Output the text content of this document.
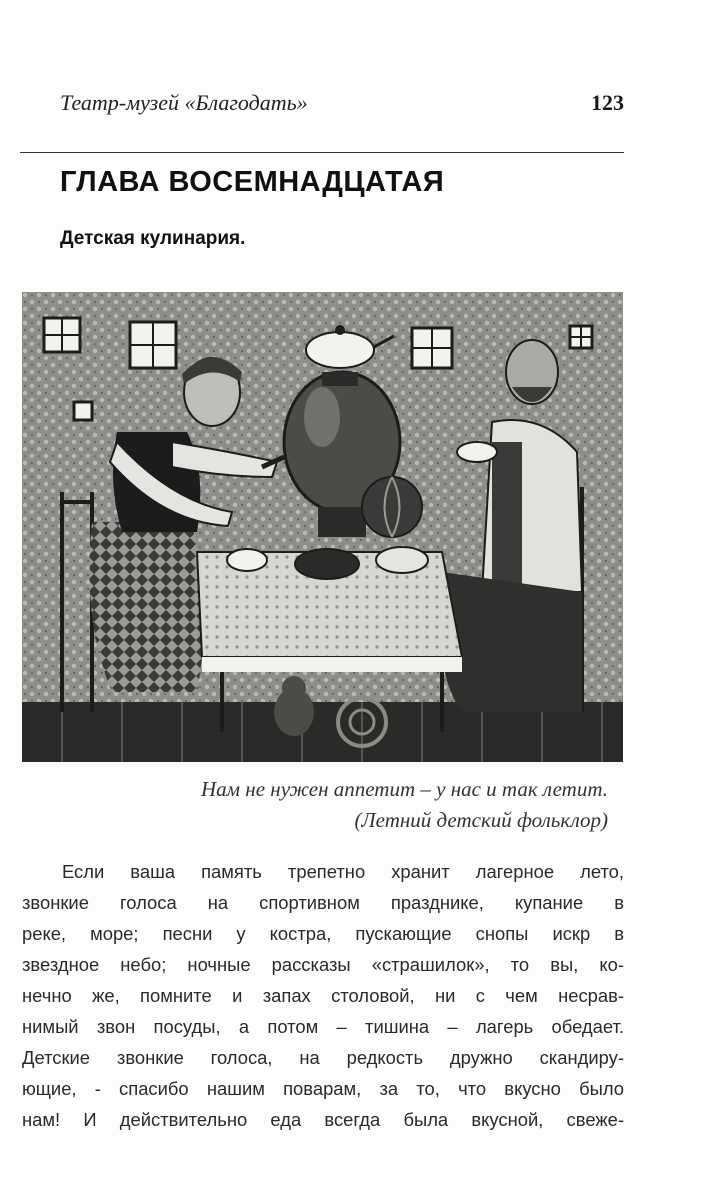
Театр-музей «Благодать»	123
ГЛАВА ВОСЕМНАДЦАТАЯ
Детская кулинария.
Нам не нужен аппетит – у нас и так летит.
(Летний детский фольклор)
Если ваша память трепетно хранит лагерное лето,
звонкие голоса на спортивном празднике, купание в
реке, море; песни у костра, пускающие снопы искр в
звездное небо; ночные рассказы «страшилок», то вы, ко-
нечно же, помните и запах столовой, ни с чем несрав-
нимый звон посуды, а потом – тишина – лагерь обедает.
Детские звонкие голоса, на редкость дружно скандиру-
ющие, - спасибо нашим поварам, за то, что вкусно было
нам! И действительно еда всегда была вкусной, свеже-
